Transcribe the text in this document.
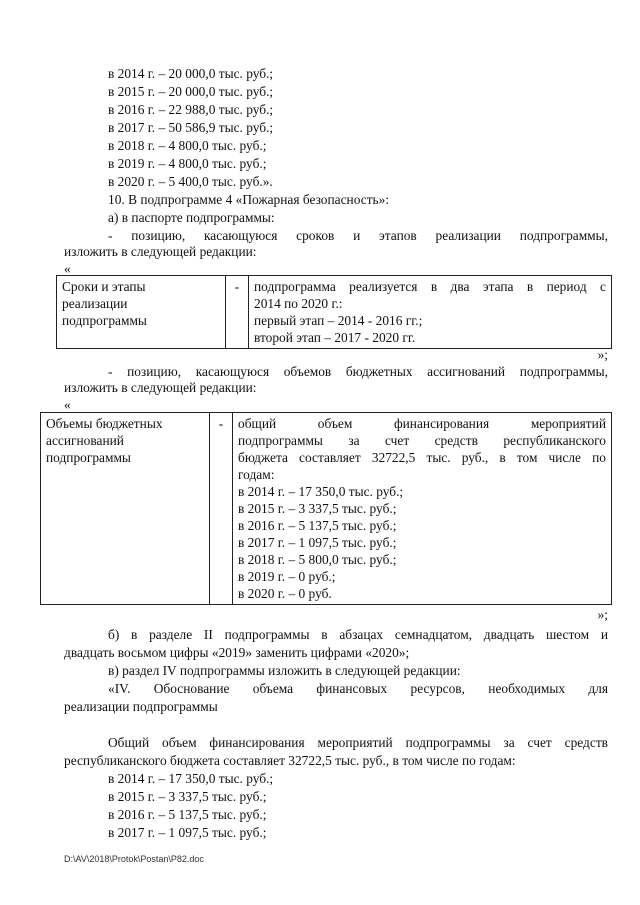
в 2014 г. – 20 000,0 тыс. руб.;
в 2015 г. – 20 000,0 тыс. руб.;
в 2016 г. – 22 988,0 тыс. руб.;
в 2017 г. – 50 586,9 тыс. руб.;
в 2018 г. – 4 800,0 тыс. руб.;
в 2019 г. – 4 800,0 тыс. руб.;
в 2020 г. – 5 400,0 тыс. руб.».
10. В подпрограмме 4 «Пожарная безопасность»:
а) в паспорте подпрограммы:
- позицию, касающуюся сроков и этапов реализации подпрограммы,
изложить в следующей редакции:
«
Сроки и этапы
реализации
подпрограммы
	-	подпрограмма реализуется в два этапа в период с
2014 по 2020 г.:
первый этап – 2014 - 2016 гг.;
второй этап – 2017 - 2020 гг.
»;
- позицию, касающуюся объемов бюджетных ассигнований подпрограммы,
изложить в следующей редакции:
«
Объемы бюджетных
ассигнований
подпрограммы
	-	общий объем финансирования мероприятий
подпрограммы за счет средств республиканского
бюджета составляет 32722,5 тыс. руб., в том числе по
годам:
в 2014 г. – 17 350,0 тыс. руб.;
в 2015 г. – 3 337,5 тыс. руб.;
в 2016 г. – 5 137,5 тыс. руб.;
в 2017 г. – 1 097,5 тыс. руб.;
в 2018 г. – 5 800,0 тыс. руб.;
в 2019 г. – 0 руб.;
в 2020 г. – 0 руб.
»;
б) в разделе II подпрограммы в абзацах семнадцатом, двадцать шестом и
двадцать восьмом цифры «2019» заменить цифрами «2020»;
в) раздел IV подпрограммы изложить в следующей редакции:
«IV. Обоснование объема финансовых ресурсов, необходимых для
реализации подпрограммы
Общий объем финансирования мероприятий подпрограммы за счет средств
республиканского бюджета составляет 32722,5 тыс. руб., в том числе по годам:
в 2014 г. – 17 350,0 тыс. руб.;
в 2015 г. – 3 337,5 тыс. руб.;
в 2016 г. – 5 137,5 тыс. руб.;
в 2017 г. – 1 097,5 тыс. руб.;
D:\AV\2018\Protok\Postan\P82.doc
